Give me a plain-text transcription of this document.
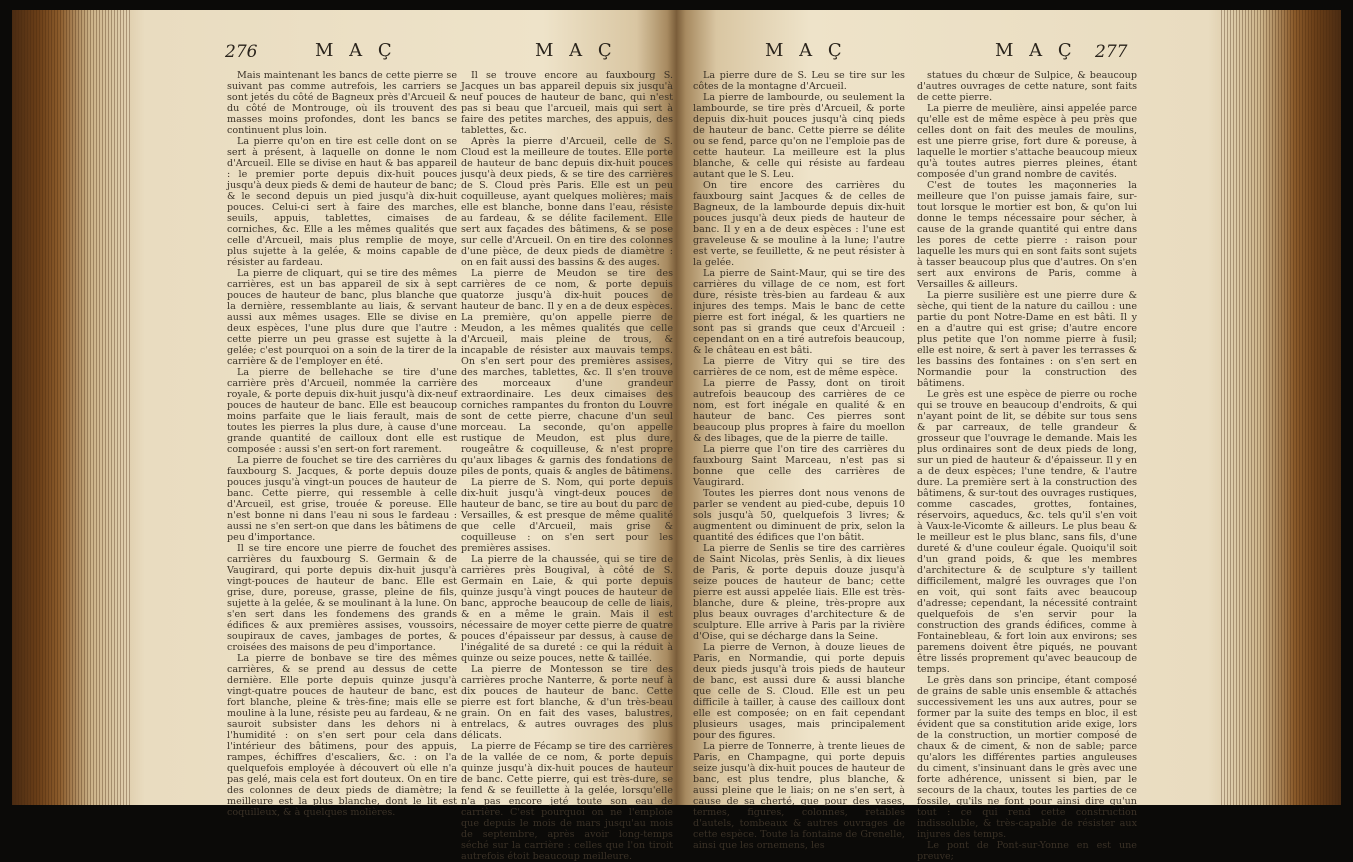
276	M A Ç	M A Ç

Mais maintenant les bancs de cette pierre se suivant pas comme autrefois, les carriers se sont jetés du côté de Bagneux près d'Arcueil & du côté de Montrouge, où ils trouvent des masses moins profondes, dont les bancs se continuent plus loin.

La pierre qu'on en tire est celle dont on se sert à présent, à laquelle on donne le nom d'Arcueil. Elle se divise en haut & bas appareil : le premier porte depuis dix-huit pouces jusqu'à deux pieds & demi de hauteur de banc; & le second depuis un pied jusqu'à dix-huit pouces. Celui-ci sert à faire des marches, seuils, appuis, tablettes, cimaises de corniches, &c. Elle a les mêmes qualités que celle d'Arcueil, mais plus remplie de moye, plus sujette à la gelée, & moins capable de résister au fardeau.

La pierre de cliquart, qui se tire des mêmes carrières, est un bas appareil de six à sept pouces de hauteur de banc, plus blanche que la dernière, ressemblante au liais, & servant aussi aux mêmes usages. Elle se divise en deux espèces, l'une plus dure que l'autre : cette pierre un peu grasse est sujette à la gelée; c'est pourquoi on a soin de la tirer de la carrière & de l'employer en été.

La pierre de bellehache se tire d'une carrière près d'Arcueil, nommée la carrière royale, & porte depuis dix-huit jusqu'à dix-neuf pouces de hauteur de banc. Elle est beaucoup moins parfaite que le liais ferault, mais de toutes les pierres la plus dure, à cause d'une grande quantité de cailloux dont elle est composée : aussi s'en sert-on fort rarement.

La pierre de fouchet se tire des carrières du fauxbourg S. Jacques, & porte depuis douze pouces jusqu'à vingt-un pouces de hauteur de banc. Cette pierre, qui ressemble à celle d'Arcueil, est grise, trouée & poreuse. Elle n'est bonne ni dans l'eau ni sous le fardeau : aussi ne s'en sert-on que dans les bâtimens de peu d'importance.

Il se tire encore une pierre de fouchet des carrières du fauxbourg S. Germain & de Vaugirard, qui porte depuis dix-huit jusqu'à vingt-pouces de hauteur de banc. Elle est grise, dure, poreuse, grasse, pleine de fils, sujette à la gelée, & se moulinant à la lune. On s'en sert dans les fondemens des grands édifices & aux premières assises, voussoirs, soupiraux de caves, jambages de portes, & croisées des maisons de peu d'importance.

La pierre de bonbave se tire des mêmes carrières, & se prend au dessus de cette dernière. Elle porte depuis quinze jusqu'à vingt-quatre pouces de hauteur de banc, est fort blanche, pleine & très-fine; mais elle se mouline à la lune, résiste peu au fardeau, & ne sauroit subsister dans les dehors ni à l'humidité : on s'en sert pour cela dans l'intérieur des bâtimens, pour des appuis, rampes, échiffres d'escaliers, &c. : on l'a quelquefois employée à découvert où elle n'a pas gelé, mais cela est fort douteux. On en tire des colonnes de deux pieds de diamètre; la meilleure est la plus blanche, dont le lit est coquilleux, & à quelques molières.

Il se trouve encore au fauxbourg S. Jacques un bas appareil depuis six jusqu'à neuf pouces de hauteur de banc, qui n'est pas si beau que l'arcueil, mais qui sert à faire des petites marches, des appuis, des tablettes, &c.

Après la pierre d'Arcueil, celle de S. Cloud est la meilleure de toutes. Elle porte de hauteur de banc depuis dix-huit pouces jusqu'à deux pieds, & se tire des carrières de S. Cloud près Paris. Elle est un peu coquilleuse, ayant quelques molières; mais elle est blanche, bonne dans l'eau, résiste au fardeau, & se délite facilement. Elle sert aux façades des bâtimens, & se pose sur celle d'Arcueil. On en tire des colonnes d'une pièce, de deux pieds de diamètre : on en fait aussi des bassins & des auges.

La pierre de Meudon se tire des carrières de ce nom, & porte depuis quatorze jusqu'à dix-huit pouces de hauteur de banc. Il y en a de deux espèces. La première, qu'on appelle pierre de Meudon, a les mêmes qualités que celle d'Arcueil, mais pleine de trous, & incapable de résister aux mauvais temps. On s'en sert pour des premières assises, des marches, tablettes, &c. Il s'en trouve des morceaux d'une grandeur extraordinaire. Les deux cimaises des corniches rampantes du fronton du Louvre sont de cette pierre, chacune d'un seul morceau. La seconde, qu'on appelle rustique de Meudon, est plus dure, rougeâtre & coquilleuse, & n'est propre qu'aux libages & garnis des fondations de piles de ponts, quais & angles de bâtimens.

La pierre de S. Nom, qui porte depuis dix-huit jusqu'à vingt-deux pouces de hauteur de banc, se tire au bout du parc de Versailles, & est presque de même qualité que celle d'Arcueil, mais grise & coquilleuse : on s'en sert pour les premières assises.

La pierre de la chaussée, qui se tire de carrières près Bougival, à côté de S. Germain en Laie, & qui porte depuis quinze jusqu'à vingt pouces de hauteur de banc, approche beaucoup de celle de liais, & en a même le grain. Mais il est nécessaire de moyer cette pierre de quatre pouces d'épaisseur par dessus, à cause de l'inégalité de sa dureté : ce qui la réduit à quinze ou seize pouces, nette & taillée.

La pierre de Montesson se tire des carrières proche Nanterre, & porte neuf à dix pouces de hauteur de banc. Cette pierre est fort blanche, & d'un très-beau grain. On en fait des vases, balustres, entrelacs, & autres ouvrages des plus délicats.

La pierre de Fécamp se tire des carrières de la vallée de ce nom, & porte depuis quinze jusqu'à dix-huit pouces de hauteur de banc. Cette pierre, qui est très-dure, se fend & se feuillette à la gelée, lorsqu'elle n'a pas encore jeté toute son eau de carrière. C'est pourquoi on ne l'emploie que depuis le mois de mars jusqu'au mois de septembre, après avoir long-temps séché sur la carrière : celles que l'on tiroit autrefois étoit beaucoup meilleure.

M A Ç	M A Ç 277

La pierre dure de S. Leu se tire sur les côtes de la montagne d'Arcueil.

La pierre de lambourde, ou seulement la lambourde, se tire près d'Arcueil, & porte depuis dix-huit pouces jusqu'à cinq pieds de hauteur de banc. Cette pierre se délite ou se fend, parce qu'on ne l'emploie pas de cette hauteur. La meilleure est la plus blanche, & celle qui résiste au fardeau autant que le S. Leu.

On tire encore des carrières du fauxbourg saint Jacques & de celles de Bagneux, de la lambourde depuis dix-huit pouces jusqu'à deux pieds de hauteur de banc. Il y en a de deux espèces : l'une est graveleuse & se mouline à la lune; l'autre est verte, se feuillette, & ne peut résister à la gelée.

La pierre de Saint-Maur, qui se tire des carrières du village de ce nom, est fort dure, résiste très-bien au fardeau & aux injures des temps. Mais le banc de cette pierre est fort inégal, & les quartiers ne sont pas si grands que ceux d'Arcueil : cependant on en a tiré autrefois beaucoup, & le château en est bâti.

La pierre de Vitry qui se tire des carrières de ce nom, est de même espèce.

La pierre de Passy, dont on tiroit autrefois beaucoup des carrières de ce nom, est fort inégale en qualité & en hauteur de banc. Ces pierres sont beaucoup plus propres à faire du moellon & des libages, que de la pierre de taille.

La pierre que l'on tire des carrières du fauxbourg Saint Marceau, n'est pas si bonne que celle des carrières de Vaugirard.

Toutes les pierres dont nous venons de parler se vendent au pied-cube, depuis 10 sols jusqu'à 50, quelquefois 3 livres; & augmentent ou diminuent de prix, selon la quantité des édifices que l'on bâtit.

La pierre de Senlis se tire des carrières de Saint Nicolas, près Senlis, à dix lieues de Paris, & porte depuis douze jusqu'à seize pouces de hauteur de banc; cette pierre est aussi appelée liais. Elle est très-blanche, dure & pleine, très-propre aux plus beaux ouvrages d'architecture & de sculpture. Elle arrive à Paris par la rivière d'Oise, qui se décharge dans la Seine.

La pierre de Vernon, à douze lieues de Paris, en Normandie, qui porte depuis deux pieds jusqu'à trois pieds de hauteur de banc, est aussi dure & aussi blanche que celle de S. Cloud. Elle est un peu difficile à tailler, à cause des cailloux dont elle est composée; on en fait cependant plusieurs usages, mais principalement pour des figures.

La pierre de Tonnerre, à trente lieues de Paris, en Champagne, qui porte depuis seize jusqu'à dix-huit pouces de hauteur de banc, est plus tendre, plus blanche, & aussi pleine que le liais; on ne s'en sert, à cause de sa cherté, que pour des vases, termes, figures, colonnes, retables d'autels, tombeaux & autres ouvrages de cette espèce. Toute la fontaine de Grenelle, ainsi que les ornemens, les

statues du chœur de Sulpice, & beaucoup d'autres ouvrages de cette nature, sont faits de cette pierre.

La pierre de meulière, ainsi appelée parce qu'elle est de même espèce à peu près que celles dont on fait des meules de moulins, est une pierre grise, fort dure & poreuse, à laquelle le mortier s'attache beaucoup mieux qu'à toutes autres pierres pleines, étant composée d'un grand nombre de cavités.

C'est de toutes les maçonneries la meilleure que l'on puisse jamais faire, sur-tout lorsque le mortier est bon, & qu'on lui donne le temps nécessaire pour sécher, à cause de la grande quantité qui entre dans les pores de cette pierre : raison pour laquelle les murs qui en sont faits sont sujets à tasser beaucoup plus que d'autres. On s'en sert aux environs de Paris, comme à Versailles & ailleurs.

La pierre susilière est une pierre dure & sèche, qui tient de la nature du caillou : une partie du pont Notre-Dame en est bâti. Il y en a d'autre qui est grise; d'autre encore plus petite que l'on nomme pierre à fusil; elle est noire, & sert à paver les terrasses & les bassins des fontaines : on s'en sert en Normandie pour la construction des bâtimens.

Le grès est une espèce de pierre ou roche qui se trouve en beaucoup d'endroits, & qui n'ayant point de lit, se débite sur tous sens & par carreaux, de telle grandeur & grosseur que l'ouvrage le demande. Mais les plus ordinaires sont de deux pieds de long, sur un pied de hauteur & d'épaisseur. Il y en a de deux espèces; l'une tendre, & l'autre dure. La première sert à la construction des bâtimens, & sur-tout des ouvrages rustiques, comme cascades, grottes, fontaines, réservoirs, aqueducs, &c. tels qu'il s'en voit à Vaux-le-Vicomte & ailleurs. Le plus beau & le meilleur est le plus blanc, sans fils, d'une dureté & d'une couleur égale. Quoiqu'il soit d'un grand poids, & que les membres d'architecture & de sculpture s'y taillent difficilement, malgré les ouvrages que l'on en voit, qui sont faits avec beaucoup d'adresse; cependant, la nécessité contraint quelquefois de s'en servir pour la construction des grands édifices, comme à Fontainebleau, & fort loin aux environs; ses paremens doivent être piqués, ne pouvant être lissés proprement qu'avec beaucoup de temps.

Le grès dans son principe, étant composé de grains de sable unis ensemble & attachés successivement les uns aux autres, pour se former par la suite des temps en bloc, il est évident que sa constitution aride exige, lors de la construction, un mortier composé de chaux & de ciment, & non de sable; parce qu'alors les différentes parties anguleuses du ciment, s'insinuant dans le grès avec une forte adhérence, unissent si bien, par le secours de la chaux, toutes les parties de ce fossile, qu'ils ne font pour ainsi dire qu'un tout : ce qui rend cette construction indissoluble, & très-capable de résister aux injures des temps.

Le pont de Pont-sur-Yonne en est une preuve;
